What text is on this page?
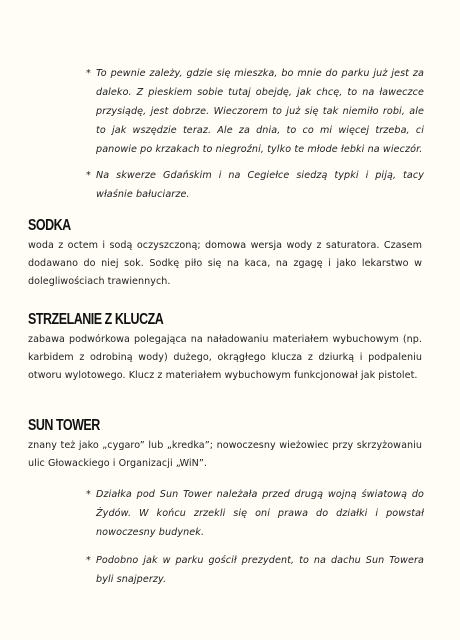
* To pewnie zależy, gdzie się mieszka, bo mnie do parku już jest za daleko. Z pieskiem sobie tutaj obejdę, jak chcę, to na ławeczce przysiądę, jest dobrze. Wieczorem to już się tak niemiło robi, ale to jak wszędzie teraz. Ale za dnia, to co mi więcej trzeba, ci panowie po krzakach to niegroźni, tylko te młode łebki na wieczór.
* Na skwerze Gdańskim i na Cegiełce siedzą typki i piją, tacy właśnie bałuciarze.
SODKA
woda z octem i sodą oczyszczoną; domowa wersja wody z saturatora. Czasem dodawano do niej sok. Sodkę piło się na kaca, na zgagę i jako lekarstwo w dolegliwościach trawiennych.
STRZELANIE Z KLUCZA
zabawa podwórkowa polegająca na naładowaniu materiałem wybuchowym (np. karbidem z odrobiną wody) dużego, okrągłego klucza z dziurką i podpaleniu otworu wylotowego. Klucz z materiałem wybuchowym funkcjonował jak pistolet.
SUN TOWER
znany też jako „cygaro” lub „kredka”; nowoczesny wieżowiec przy skrzyżowaniu ulic Głowackiego i Organizacji „WiN”.
* Działka pod Sun Tower należała przed drugą wojną światową do Żydów. W końcu zrzekli się oni prawa do działki i powstał nowoczesny budynek.
* Podobno jak w parku gościł prezydent, to na dachu Sun Towera byli snajperzy.
